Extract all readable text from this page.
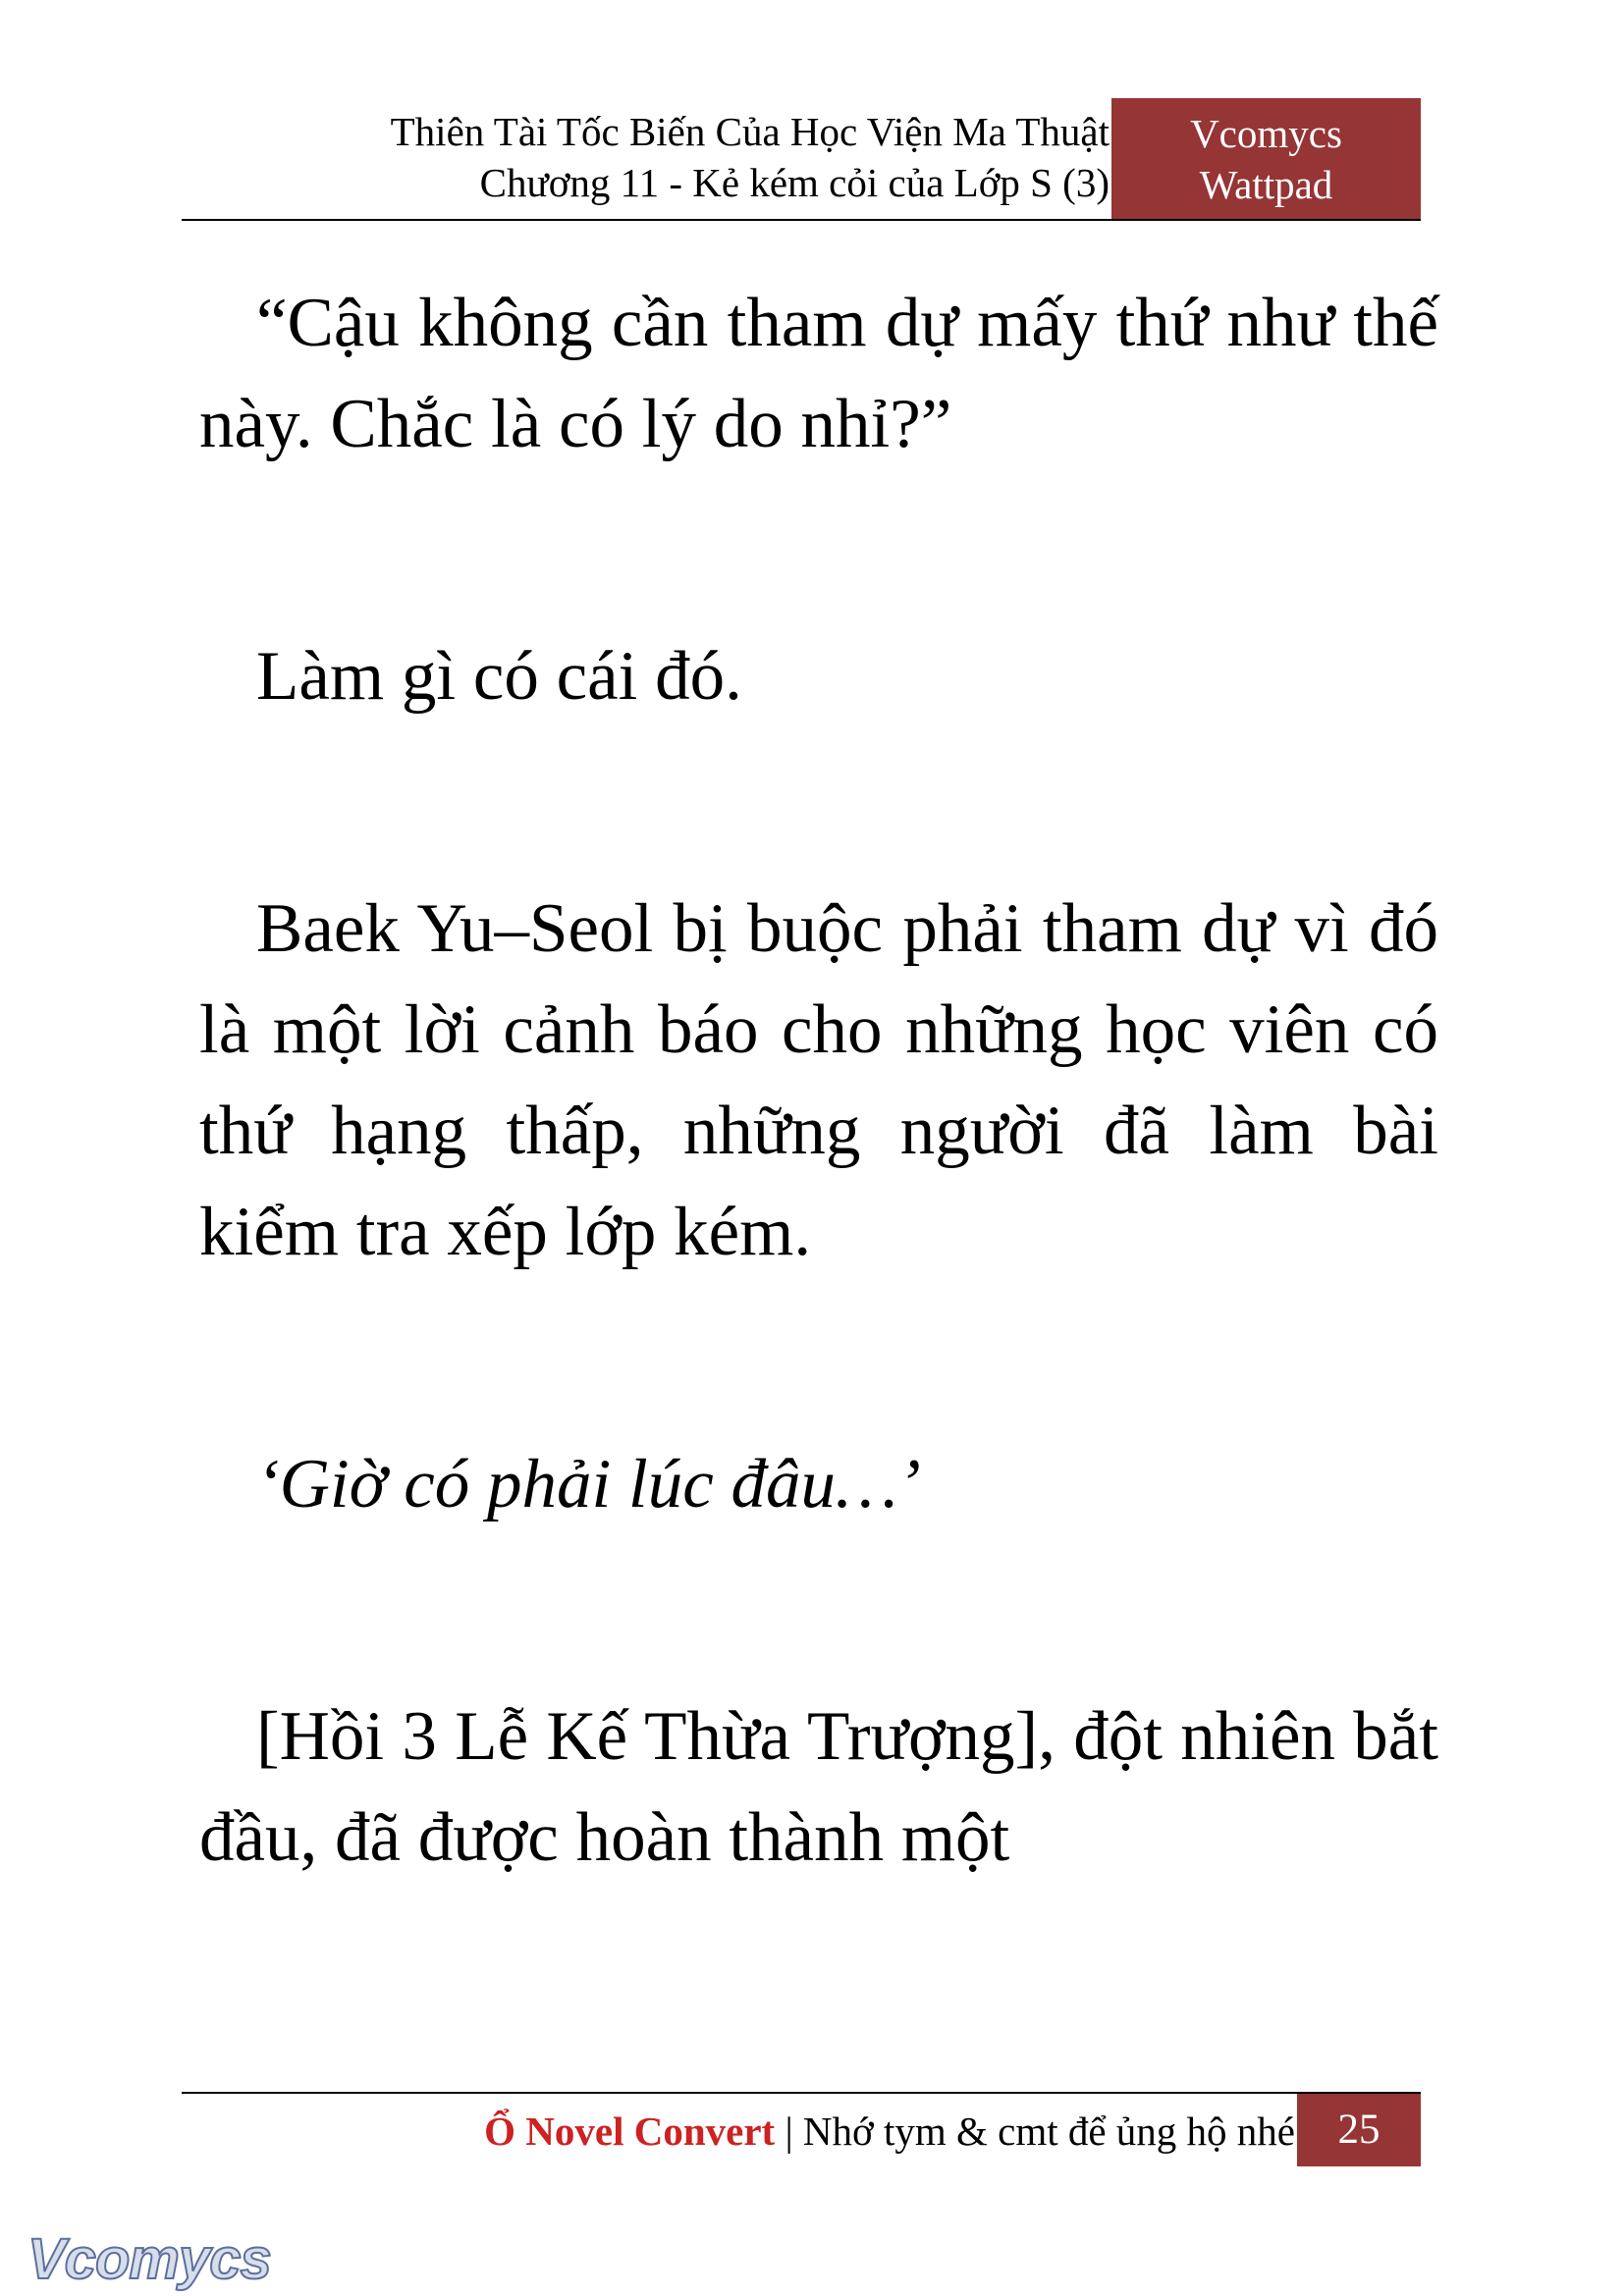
Thiên Tài Tốc Biến Của Học Viện Ma Thuật
Chương 11 - Kẻ kém cỏi của Lớp S (3)
Vcomycs
Wattpad

“Cậu không cần tham dự mấy thứ như thế này. Chắc là có lý do nhỉ?”

Làm gì có cái đó.

Baek Yu–Seol bị buộc phải tham dự vì đó là một lời cảnh báo cho những học viên có thứ hạng thấp, những người đã làm bài kiểm tra xếp lớp kém.

‘Giờ có phải lúc đâu…’

[Hồi 3 Lễ Kế Thừa Trượng], đột nhiên bắt đầu, đã được hoàn thành một

Ổ Novel Convert | Nhớ tym & cmt để ủng hộ nhé	25
Vcomycs
